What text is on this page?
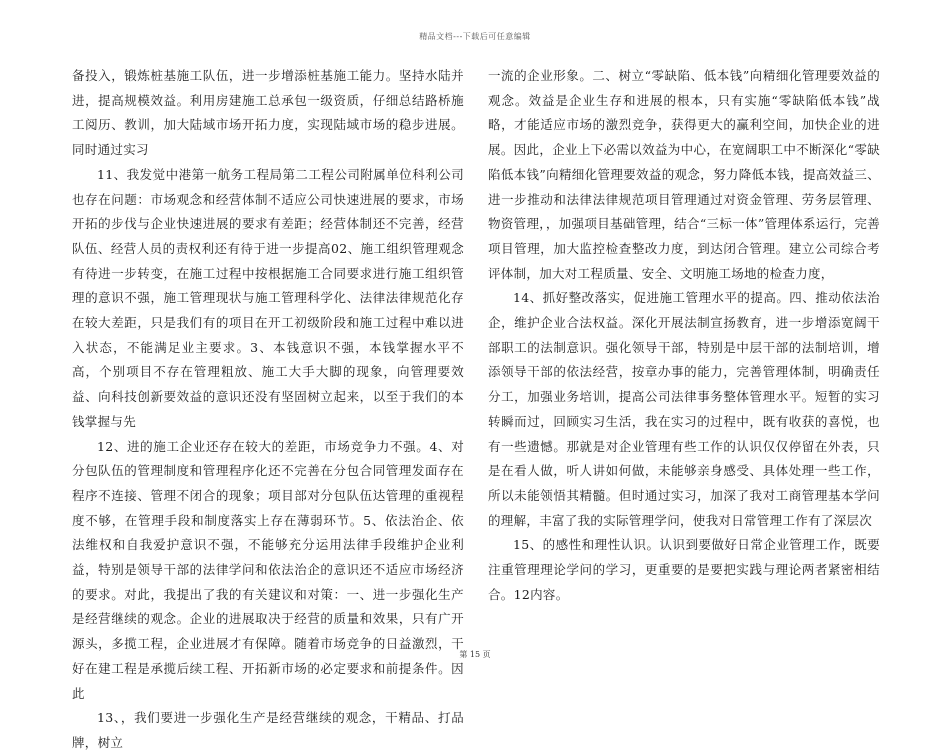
精品文档---下载后可任意编辑

备投入，锻炼桩基施工队伍，进一步增添桩基施工能力。坚持水陆并进，提高规模效益。利用房建施工总承包一级资质，仔细总结路桥施工阅历、教训，加大陆域市场开拓力度，实现陆域市场的稳步进展。同时通过实习

11、我发觉中港第一航务工程局第二工程公司附属单位科利公司也存在问题：市场观念和经营体制不适应公司快速进展的要求，市场开拓的步伐与企业快速进展的要求有差距；经营体制还不完善，经营队伍、经营人员的责权利还有待于进一步提高02、施工组织管理观念有待进一步转变，在施工过程中按根据施工合同要求进行施工组织管理的意识不强，施工管理现状与施工管理科学化、法律法律规范化存在较大差距，只是我们有的项目在开工初级阶段和施工过程中难以进入状态，不能满足业主要求。3、本钱意识不强，本钱掌握水平不高，个别项目不存在管理粗放、施工大手大脚的现象，向管理要效益、向科技创新要效益的意识还没有坚固树立起来，以至于我们的本钱掌握与先

12、进的施工企业还存在较大的差距，市场竞争力不强。4、对分包队伍的管理制度和管理程序化还不完善在分包合同管理发面存在程序不连接、管理不闭合的现象；项目部对分包队伍达管理的重视程度不够，在管理手段和制度落实上存在薄弱环节。5、依法治企、依法维权和自我爱护意识不强，不能够充分运用法律手段维护企业利益，特别是领导干部的法律学问和依法治企的意识还不适应市场经济的要求。对此，我提出了我的有关建议和对策：一、进一步强化生产是经营继续的观念。企业的进展取决于经营的质量和效果，只有广开源头，多揽工程，企业进展才有保障。随着市场竞争的日益激烈，干好在建工程是承揽后续工程、开拓新市场的必定要求和前提条件。因此

13、，我们要进一步强化生产是经营继续的观念，干精品、打品牌，树立

一流的企业形象。二、树立“零缺陷、低本钱”向精细化管理要效益的观念。效益是企业生存和进展的根本，只有实施“零缺陷低本钱”战略，才能适应市场的激烈竞争，获得更大的赢利空间，加快企业的进展。因此，企业上下必需以效益为中心，在宽阔职工中不断深化“零缺陷低本钱”向精细化管理要效益的观念，努力降低本钱，提高效益三、进一步推动和法律法律规范项目管理通过对资金管理、劳务层管理、物资管理，，加强项目基础管理，结合“三标一体”管理体系运行，完善项目管理，加大监控检查整改力度，到达闭合管理。建立公司综合考评体制，加大对工程质量、安全、文明施工场地的检查力度，

14、抓好整改落实，促进施工管理水平的提高。四、推动依法治企，维护企业合法权益。深化开展法制宣扬教育，进一步增添宽阔干部职工的法制意识。强化领导干部，特别是中层干部的法制培训，增添领导干部的依法经营，按章办事的能力，完善管理体制，明确责任分工，加强业务培训，提高公司法律事务整体管理水平。短暂的实习转瞬而过，回顾实习生活，我在实习的过程中，既有收获的喜悦，也有一些遗憾。那就是对企业管理有些工作的认识仅仅停留在外表，只是在看人做，听人讲如何做，未能够亲身感受、具体处理一些工作，所以未能领悟其精髓。但时通过实习，加深了我对工商管理基本学问的理解，丰富了我的实际管理学问，使我对日常管理工作有了深层次

15、的感性和理性认识。认识到要做好日常企业管理工作，既要注重管理理论学问的学习，更重要的是要把实践与理论两者紧密相结合。12内容。

第 15 页
